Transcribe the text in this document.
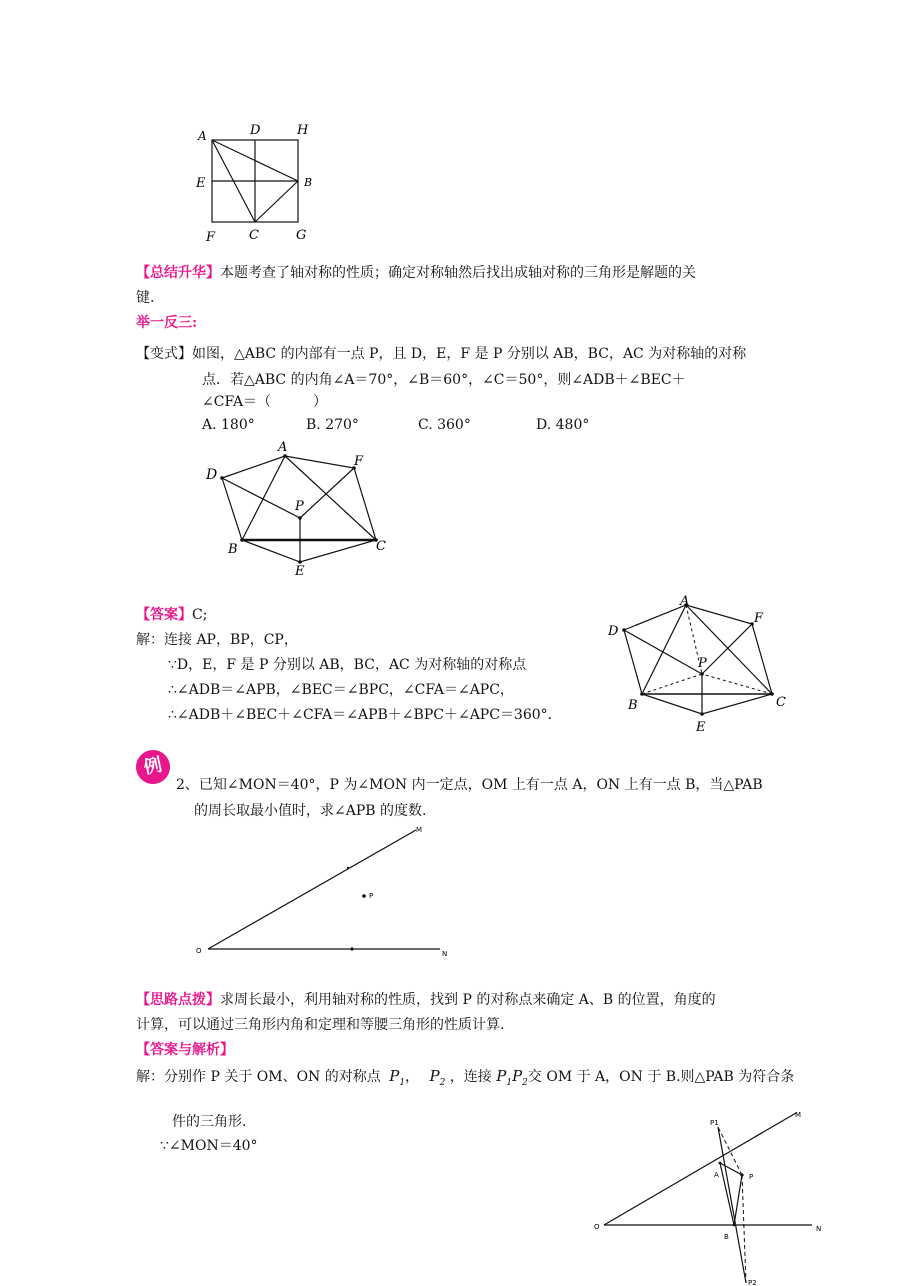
A	D	H
E	B
F	C	G
【总结升华】本题考查了轴对称的性质；确定对称轴然后找出成轴对称的三角形是解题的关
键.
举一反三:
【变式】如图，△ABC 的内部有一点 P，且 D，E，F 是 P 分别以 AB，BC，AC 为对称轴的对称
点．若△ABC 的内角∠A＝70°，∠B＝60°，∠C＝50°，则∠ADB＋∠BEC＋
∠CFA＝（　　　）
A. 180°	B. 270°	C. 360°	D. 480°
A
D
F
P
B	C
E
【答案】C;
解：连接 AP，BP，CP，
∵D，E，F 是 P 分别以 AB，BC，AC 为对称轴的对称点
∴∠ADB＝∠APB，∠BEC＝∠BPC，∠CFA＝∠APC，
∴∠ADB＋∠BEC＋∠CFA＝∠APB＋∠BPC＋∠APC＝360°．
A
D
F
P
B	C
E
例
2、已知∠MON＝40°，P 为∠MON 内一定点，OM 上有一点 A，ON 上有一点 B，当△PAB
的周长取最小值时，求∠APB 的度数.
M
P
O	N
【思路点拨】求周长最小，利用轴对称的性质，找到 P 的对称点来确定 A、B 的位置，角度的
计算，可以通过三角形内角和定理和等腰三角形的性质计算.
【答案与解析】
解：分别作 P 关于 OM、ON 的对称点 $P_1$， $P_2$ ，连接 $P_1P_2$交 OM 于 A，ON 于 B.则△PAB 为符合条
件的三角形.
∵∠MON＝40°
P1
M
A	P
O	N
B
P2
